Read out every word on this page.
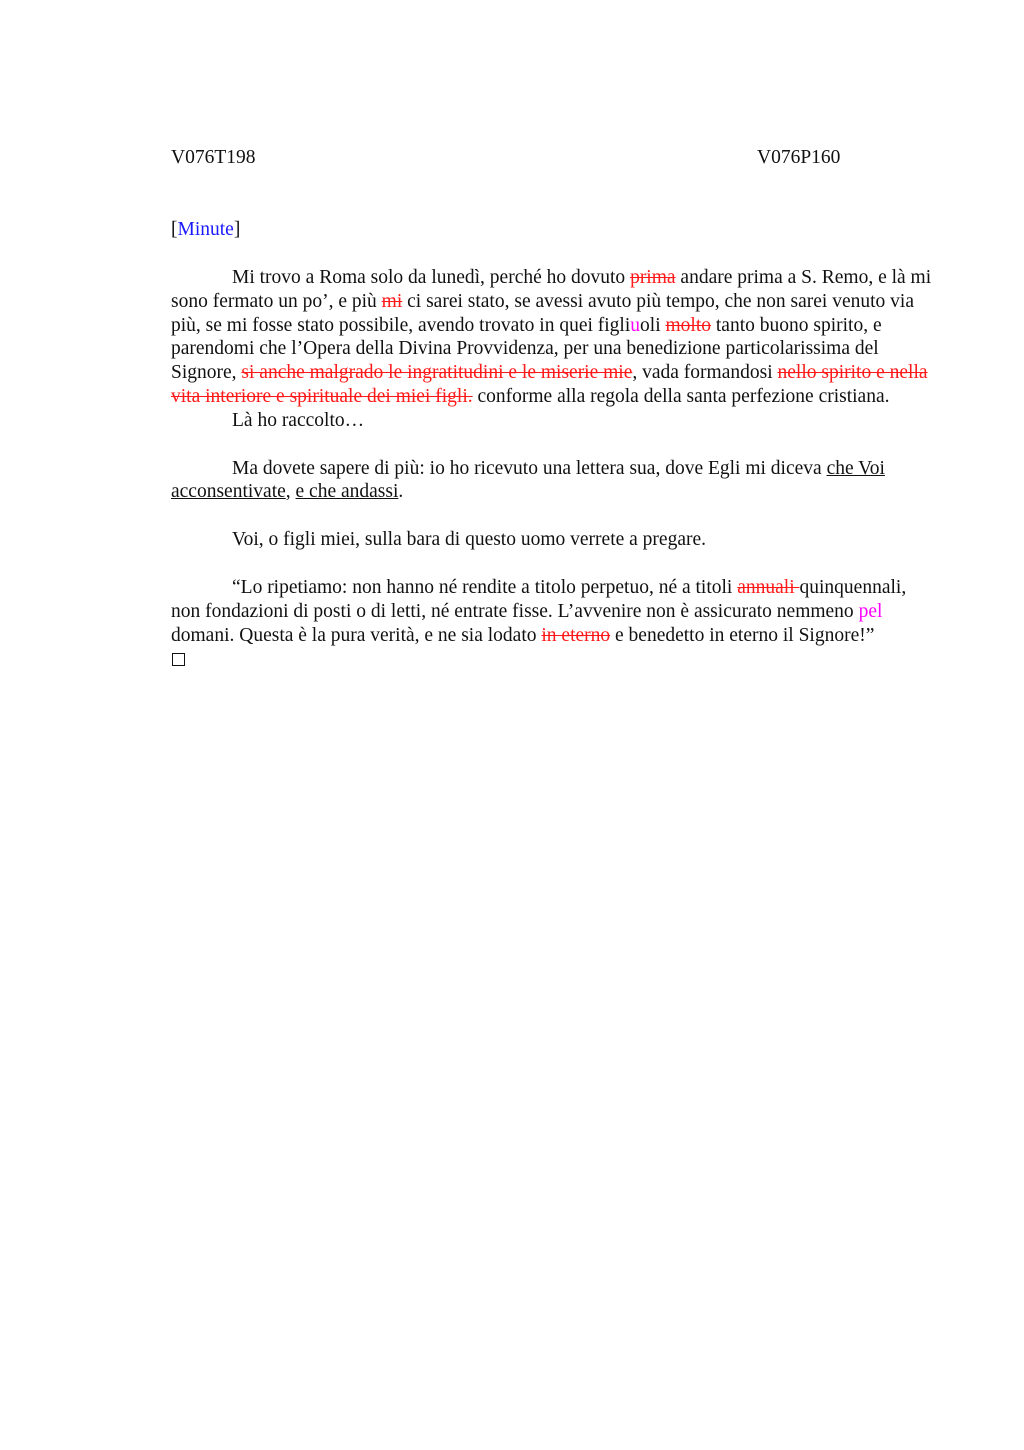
V076T198	V076P160
[Minute]

Mi trovo a Roma solo da lunedì, perché ho dovuto prima andare prima a S. Remo, e là mi sono fermato un po’, e più mi ci sarei stato, se avessi avuto più tempo, che non sarei venuto via più, se mi fosse stato possibile, avendo trovato in quei figliuoli molto tanto buono spirito, e parendomi che l’Opera della Divina Provvidenza, per una benedizione particolarissima del Signore, si anche malgrado le ingratitudini e le miserie mie, vada formandosi nello spirito e nella vita interiore e spirituale dei miei figli. conforme alla regola della santa perfezione cristiana.

Là ho raccolto…

Ma dovete sapere di più: io ho ricevuto una lettera sua, dove Egli mi diceva che Voi acconsentivate, e che andassi.

Voi, o figli miei, sulla bara di questo uomo verrete a pregare.

“Lo ripetiamo: non hanno né rendite a titolo perpetuo, né a titoli annuali quinquennali, non fondazioni di posti o di letti, né entrate fisse. L’avvenire non è assicurato nemmeno pel domani. Questa è la pura verità, e ne sia lodato in eterno e benedetto in eterno il Signore!”
